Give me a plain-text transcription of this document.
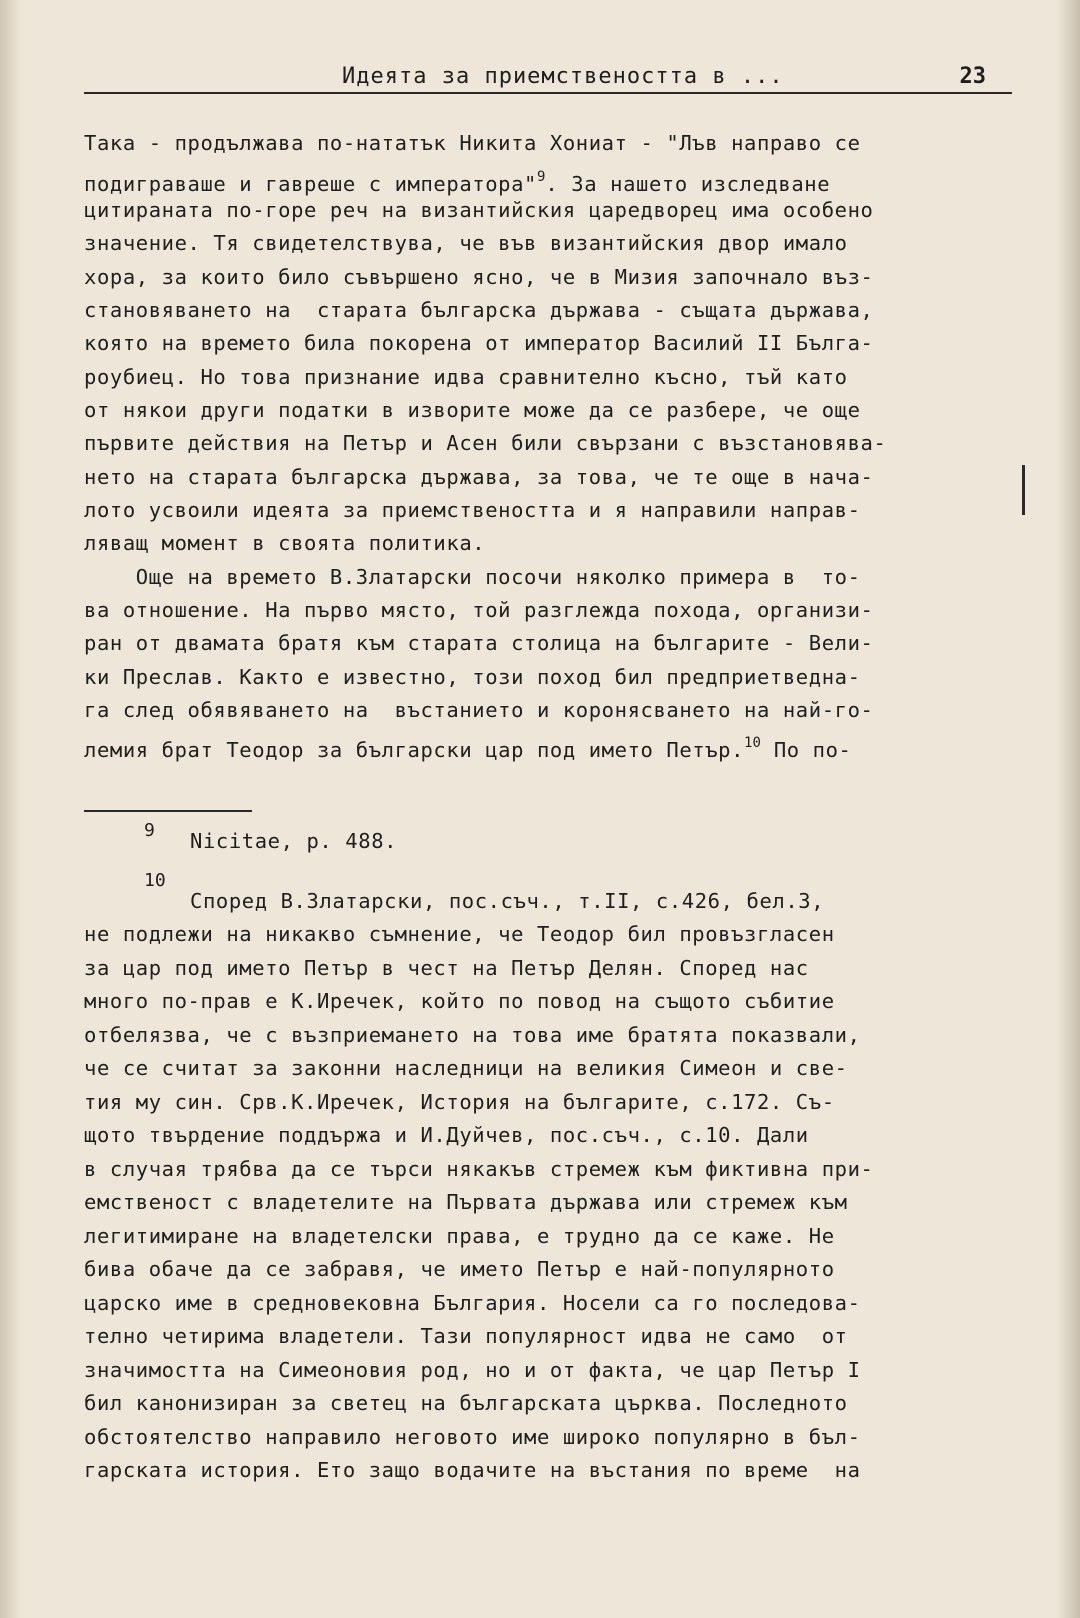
Идеята за приемствеността в ...	23
Така - продължава по-нататък Никита Хониат - "Лъв направо се
подиграваше и гавреше с императора"$^9$. За нашето изследване
цитираната по-горе реч на византийския царедворец има особено
значение. Тя свидетелствува, че във византийския двор имало
хора, за които било съвършено ясно, че в Мизия започнало въз-
становяването на  старата българска държава - същата държава,
която на времето била покорена от император Василий II Бълга-
роубиец. Но това признание идва сравнително късно, тъй като
от някои други податки в изворите може да се разбере, че още
първите действия на Петър и Асен били свързани с възстановява-
нето на старата българска държава, за това, че те още в нача-
лото усвоили идеята за приемствеността и я направили направ-
ляващ момент в своята политика.
Още на времето В.Златарски посочи няколко примера в  то-
ва отношение. На първо място, той разглежда похода, организи-
ран от двамата братя към старата столица на българите - Вели-
ки Преслав. Както е известно, този поход бил предприетведна-
га след обявяването на  въстанието и коронясването на най-го-
лемия брат Теодор за български цар под името Петър.$^{10}$ По по-
9 Nicitae, p. 488.
10
Според В.Златарски, пос.съч., т.II, с.426, бел.3,
не подлежи на никакво съмнение, че Теодор бил провъзгласен
за цар под името Петър в чест на Петър Делян. Според нас
много по-прав е К.Иречек, който по повод на същото събитие
отбелязва, че с възприемането на това име братята показвали,
че се считат за законни наследници на великия Симеон и све-
тия му син. Срв.К.Иречек, История на българите, с.172. Съ-
щото твърдение поддържа и И.Дуйчев, пос.съч., с.10. Дали
в случая трябва да се търси някакъв стремеж към фиктивна при-
емственост с владетелите на Първата държава или стремеж към
легитимиране на владетелски права, е трудно да се каже. Не
бива обаче да се забравя, че името Петър е най-популярното
царско име в средновековна България. Носели са го последова-
телно четирима владетели. Тази популярност идва не само  от
значимостта на Симеоновия род, но и от факта, че цар Петър I
бил канонизиран за светец на българската църква. Последното
обстоятелство направило неговото име широко популярно в бъл-
гарската история. Ето защо водачите на въстания по време  на
